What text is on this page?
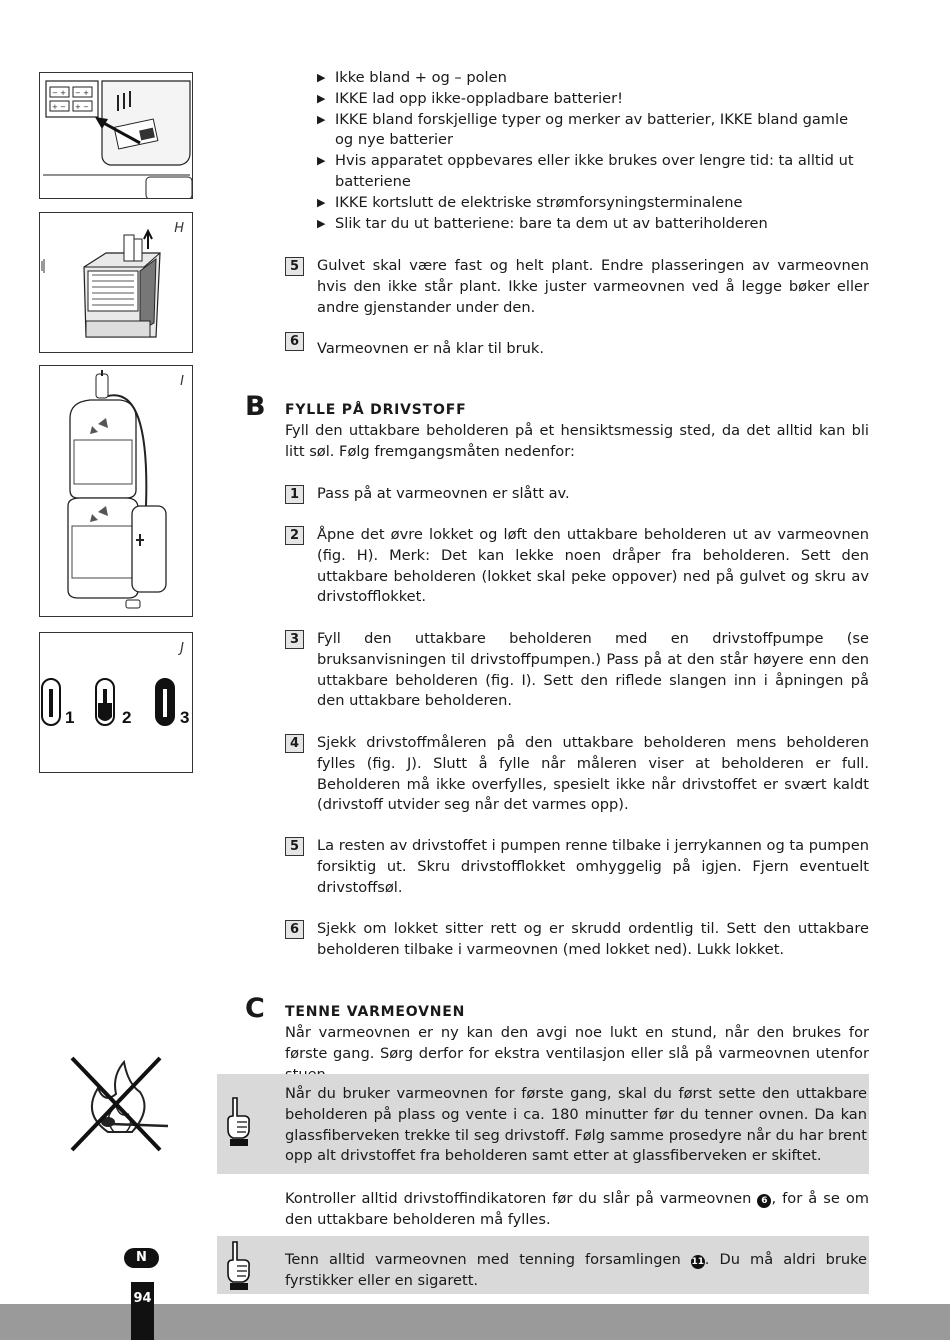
− + − +
+ − + −
H
I
J
1	2	3
▶ Ikke bland + og – polen
▶ IKKE lad opp ikke-oppladbare batterier!
▶ IKKE bland forskjellige typer og merker av batterier, IKKE bland gamle og nye batterier
▶ Hvis apparatet oppbevares eller ikke brukes over lengre tid: ta alltid ut batteriene
▶ IKKE kortslutt de elektriske strømforsyningsterminalene
▶ Slik tar du ut batteriene: bare ta dem ut av batteriholderen
5	Gulvet skal være fast og helt plant. Endre plasseringen av varmeovnen hvis den ikke står plant. Ikke juster varmeovnen ved å legge bøker eller andre gjenstander under den.
6	Varmeovnen er nå klar til bruk.
B FYLLE PÅ DRIVSTOFF
Fyll den uttakbare beholderen på et hensiktsmessig sted, da det alltid kan bli litt søl. Følg fremgangsmåten nedenfor:
1	Pass på at varmeovnen er slått av.
2	Åpne det øvre lokket og løft den uttakbare beholderen ut av varmeovnen (fig. H). Merk: Det kan lekke noen dråper fra beholderen. Sett den uttakbare beholderen (lokket skal peke oppover) ned på gulvet og skru av drivstofflokket.
3	Fyll den uttakbare beholderen med en drivstoffpumpe (se bruksanvisningen til drivstoffpumpen.) Pass på at den står høyere enn den uttakbare beholderen (fig. I). Sett den riflede slangen inn i åpningen på den uttakbare beholderen.
4	Sjekk drivstoffmåleren på den uttakbare beholderen mens beholderen fylles (fig. J). Slutt å fylle når måleren viser at beholderen er full. Beholderen må ikke overfylles, spesielt ikke når drivstoffet er svært kaldt (drivstoff utvider seg når det varmes opp).
5	La resten av drivstoffet i pumpen renne tilbake i jerrykannen og ta pumpen forsiktig ut. Skru drivstofflokket omhyggelig på igjen. Fjern eventuelt drivstoffsøl.
6	Sjekk om lokket sitter rett og er skrudd ordentlig til. Sett den uttakbare beholderen tilbake i varmeovnen (med lokket ned). Lukk lokket.
C TENNE VARMEOVNEN
Når varmeovnen er ny kan den avgi noe lukt en stund, når den brukes for første gang. Sørg derfor for ekstra ventilasjon eller slå på varmeovnen utenfor
Når du bruker varmeovnen for første gang, skal du først sette den uttakbare beholderen på plass og vente i ca. 180 minutter før du tenner ovnen. Da kan glassfiberveken trekke til seg drivstoff. Følg samme prosedyre når du har brent opp alt drivstoffet fra beholderen samt etter at glassfiberveken er skiftet.
Kontroller alltid drivstoffindikatoren før du slår på varmeovnen 6 , for å se om den uttakbare beholderen må fylles.
Tenn alltid varmeovnen med tenning forsamlingen 11. Du må aldri bruke fyrstikker eller en sigarett.
94
N
